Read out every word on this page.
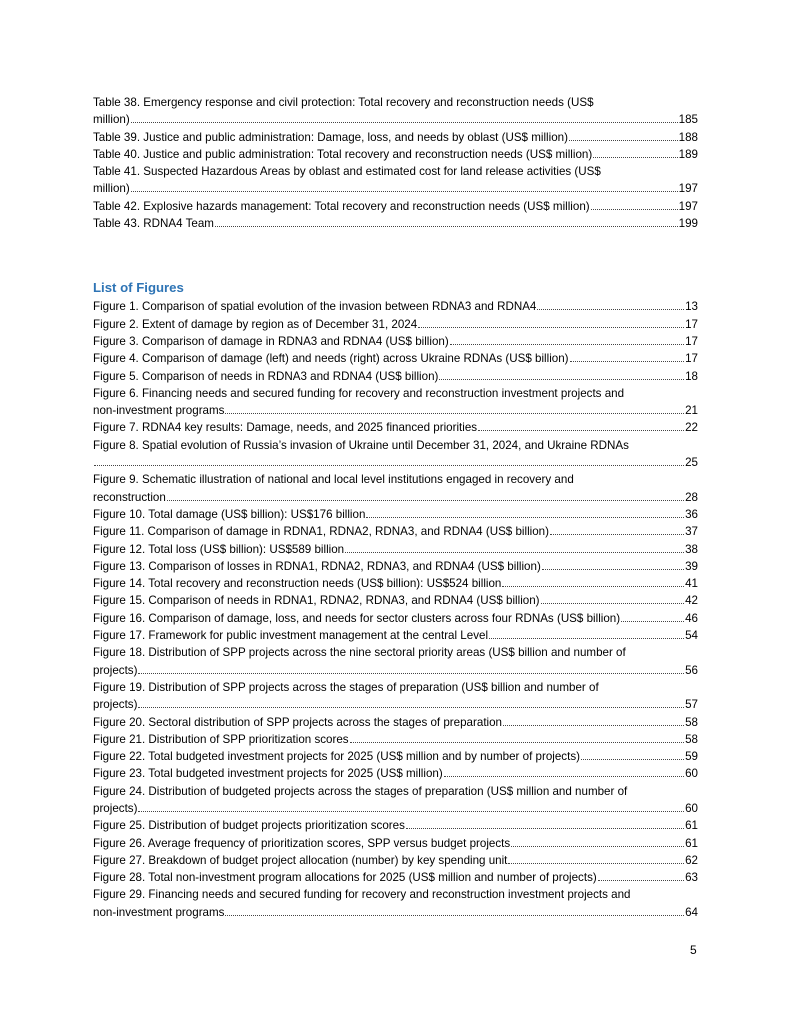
Table 38. Emergency response and civil protection: Total recovery and reconstruction needs (US$
million)	185
Table 39. Justice and public administration: Damage, loss, and needs by oblast (US$ million)	188
Table 40. Justice and public administration: Total recovery and reconstruction needs (US$ million)	189
Table 41. Suspected Hazardous Areas by oblast and estimated cost for land release activities (US$
million)	197
Table 42. Explosive hazards management: Total recovery and reconstruction needs (US$ million)	197
Table 43. RDNA4 Team	199
List of Figures
Figure 1. Comparison of spatial evolution of the invasion between RDNA3 and RDNA4	13
Figure 2. Extent of damage by region as of December 31, 2024	17
Figure 3. Comparison of damage in RDNA3 and RDNA4 (US$ billion)	17
Figure 4. Comparison of damage (left) and needs (right) across Ukraine RDNAs (US$ billion)	17
Figure 5. Comparison of needs in RDNA3 and RDNA4 (US$ billion)	18
Figure 6. Financing needs and secured funding for recovery and reconstruction investment projects and
non-investment programs	21
Figure 7. RDNA4 key results: Damage, needs, and 2025 financed priorities	22
Figure 8. Spatial evolution of Russia’s invasion of Ukraine until December 31, 2024, and Ukraine RDNAs
25
Figure 9. Schematic illustration of national and local level institutions engaged in recovery and
reconstruction	28
Figure 10. Total damage (US$ billion): US$176 billion	36
Figure 11. Comparison of damage in RDNA1, RDNA2, RDNA3, and RDNA4 (US$ billion)	37
Figure 12. Total loss (US$ billion): US$589 billion	38
Figure 13. Comparison of losses in RDNA1, RDNA2, RDNA3, and RDNA4 (US$ billion)	39
Figure 14. Total recovery and reconstruction needs (US$ billion): US$524 billion	41
Figure 15. Comparison of needs in RDNA1, RDNA2, RDNA3, and RDNA4 (US$ billion)	42
Figure 16. Comparison of damage, loss, and needs for sector clusters across four RDNAs (US$ billion)	46
Figure 17. Framework for public investment management at the central Level	54
Figure 18. Distribution of SPP projects across the nine sectoral priority areas (US$ billion and number of
projects)	56
Figure 19. Distribution of SPP projects across the stages of preparation (US$ billion and number of
projects)	57
Figure 20. Sectoral distribution of SPP projects across the stages of preparation	58
Figure 21. Distribution of SPP prioritization scores	58
Figure 22. Total budgeted investment projects for 2025 (US$ million and by number of projects)	59
Figure 23. Total budgeted investment projects for 2025 (US$ million)	60
Figure 24. Distribution of budgeted projects across the stages of preparation (US$ million and number of
projects)	60
Figure 25. Distribution of budget projects prioritization scores	61
Figure 26. Average frequency of prioritization scores, SPP versus budget projects	61
Figure 27. Breakdown of budget project allocation (number) by key spending unit	62
Figure 28. Total non-investment program allocations for 2025 (US$ million and number of projects)	63
Figure 29. Financing needs and secured funding for recovery and reconstruction investment projects and
non-investment programs	64
5
